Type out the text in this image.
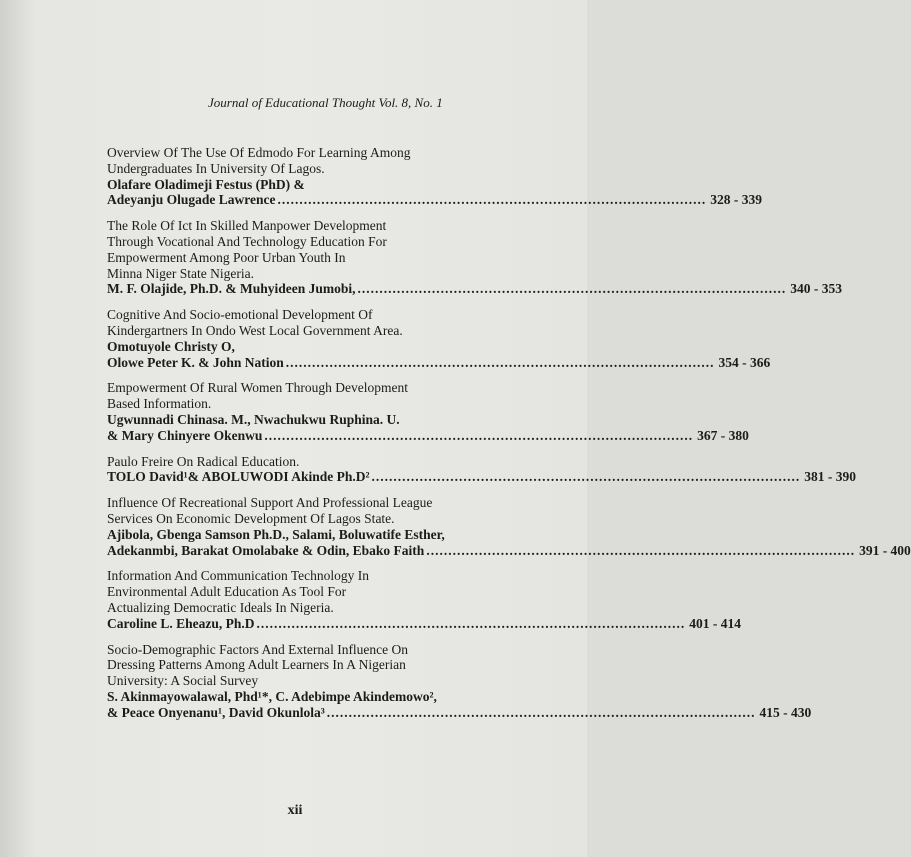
Journal of Educational Thought Vol. 8, No. 1
Overview Of The Use Of Edmodo For Learning Among
Undergraduates In University Of Lagos.
Olafare Oladimeji Festus (PhD) &
Adeyanju Olugade Lawrence .................................................................................................. 328 - 339
The Role Of Ict In Skilled Manpower Development
Through Vocational And Technology Education For
Empowerment Among Poor Urban Youth In
Minna Niger State Nigeria.
M. F. Olajide, Ph.D. & Muhyideen Jumobi, .................................................................................................. 340 - 353
Cognitive And Socio-emotional Development Of
Kindergartners In Ondo West Local Government Area.
Omotuyole Christy O,
Olowe Peter K. & John Nation .................................................................................................. 354 - 366
Empowerment Of Rural Women Through Development
Based Information.
Ugwunnadi Chinasa. M., Nwachukwu Ruphina. U.
& Mary Chinyere Okenwu .................................................................................................. 367 - 380
Paulo Freire On Radical Education.
TOLO David¹& ABOLUWODI Akinde Ph.D² .................................................................................................. 381 - 390
Influence Of Recreational Support And Professional League
Services On Economic Development Of Lagos State.
Ajibola, Gbenga Samson Ph.D., Salami, Boluwatife Esther,
Adekanmbi, Barakat Omolabake & Odin, Ebako Faith .................................................................................................. 391 - 400
Information And Communication Technology In
Environmental Adult Education As Tool For
Actualizing Democratic Ideals In Nigeria.
Caroline L. Eheazu, Ph.D .................................................................................................. 401 - 414
Socio-Demographic Factors And External Influence On
Dressing Patterns Among Adult Learners In A Nigerian
University: A Social Survey
S. Akinmayowalawal, Phd¹*, C. Adebimpe Akindemowo²,
& Peace Onyenanu¹, David Okunlola³ .................................................................................................. 415 - 430
xii
